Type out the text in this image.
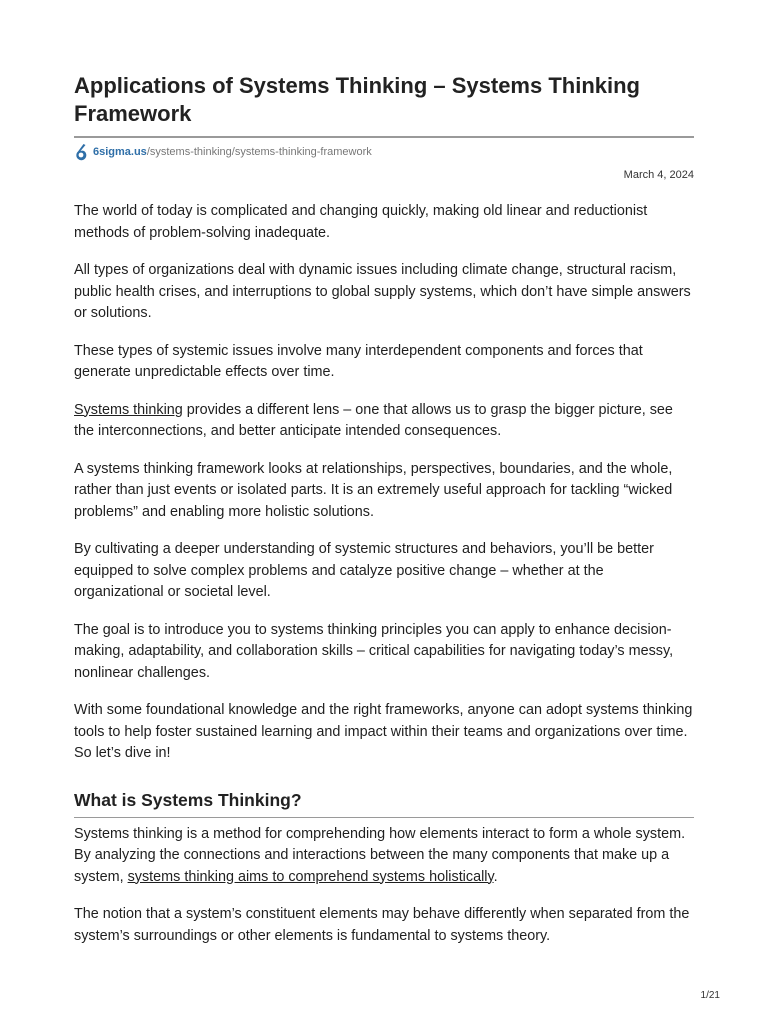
Applications of Systems Thinking – Systems Thinking Framework
6sigma.us /systems-thinking/systems-thinking-framework
March 4, 2024

The world of today is complicated and changing quickly, making old linear and reductionist methods of problem-solving inadequate.

All types of organizations deal with dynamic issues including climate change, structural racism, public health crises, and interruptions to global supply systems, which don’t have simple answers or solutions.

These types of systemic issues involve many interdependent components and forces that generate unpredictable effects over time.

Systems thinking provides a different lens – one that allows us to grasp the bigger picture, see the interconnections, and better anticipate intended consequences.

A systems thinking framework looks at relationships, perspectives, boundaries, and the whole, rather than just events or isolated parts. It is an extremely useful approach for tackling “wicked problems” and enabling more holistic solutions.

By cultivating a deeper understanding of systemic structures and behaviors, you’ll be better equipped to solve complex problems and catalyze positive change – whether at the organizational or societal level.

The goal is to introduce you to systems thinking principles you can apply to enhance decision-making, adaptability, and collaboration skills – critical capabilities for navigating today’s messy, nonlinear challenges.

With some foundational knowledge and the right frameworks, anyone can adopt systems thinking tools to help foster sustained learning and impact within their teams and organizations over time. So let’s dive in!

What is Systems Thinking?

Systems thinking is a method for comprehending how elements interact to form a whole system. By analyzing the connections and interactions between the many components that make up a system, systems thinking aims to comprehend systems holistically.

The notion that a system’s constituent elements may behave differently when separated from the system’s surroundings or other elements is fundamental to systems theory.

1/21
